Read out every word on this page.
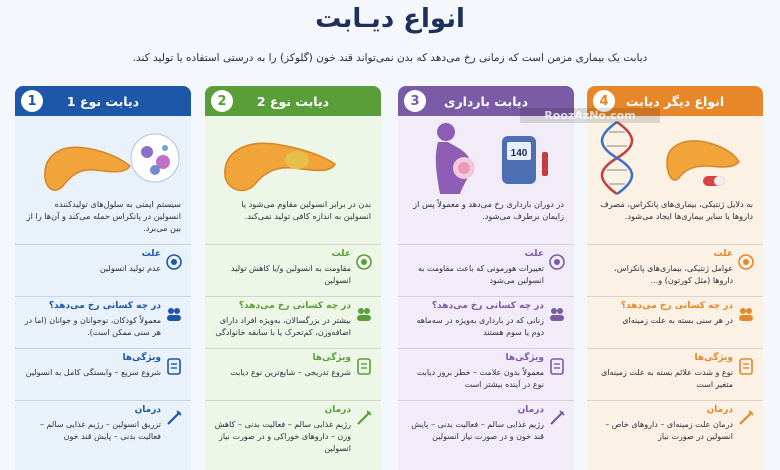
انواع دیـابت
دیابت یک بیماری مزمن است که زمانی رخ می‌دهد که بدن نمی‌تواند قند خون (گلوکز) را به درستی استفاده یا تولید کند.
دیابت نوع 1
1
سیستم ایمنی به سلول‌های تولیدکننده انسولین در پانکراس حمله می‌کند و آن‌ها را از بین می‌برد.
علت
عدم تولید انسولین
در چه کسانی رخ می‌دهد؟
معمولاً کودکان، نوجوانان و جوانان (اما در هر سنی ممکن است).
ویژگی‌ها
شروع سریع – وابستگی کامل به انسولین
درمان
تزریق انسولین – رژیم غذایی سالم – فعالیت بدنی – پایش قند خون
دیابت نوع 2
2
بدن در برابر انسولین مقاوم می‌شود یا انسولین به اندازه کافی تولید نمی‌کند.
علت
مقاومت به انسولین و/یا کاهش تولید انسولین
در چه کسانی رخ می‌دهد؟
بیشتر در بزرگسالان، به‌ویژه افراد دارای اضافه‌وزن، کم‌تحرک یا با سابقه خانوادگی
ویژگی‌ها
شروع تدریجی – شایع‌ترین نوع دیابت
درمان
رژیم غذایی سالم – فعالیت بدنی – کاهش وزن – داروهای خوراکی و در صورت نیاز انسولین
دیابت بارداری
3
140
در دوران بارداری رخ می‌دهد و معمولاً پس از زایمان برطرف می‌شود.
علت
تغییرات هورمونی که باعث مقاومت به انسولین می‌شود
در چه کسانی رخ می‌دهد؟
زنانی که در بارداری به‌ویژه در سه‌ماهه دوم یا سوم هستند
ویژگی‌ها
معمولاً بدون علامت – خطر بروز دیابت نوع در آینده بیشتر است
درمان
رژیم غذایی سالم – فعالیت بدنی – پایش قند خون و در صورت نیاز انسولین
انواع دیگر دیابت
4
به دلایل ژنتیکی، بیماری‌های پانکراس، مصرف داروها یا سایر بیماری‌ها ایجاد می‌شود.
علت
عوامل ژنتیکی، بیماری‌های پانکراس، داروها (مثل کورتون) و...
در چه کسانی رخ می‌دهد؟
در هر سنی بسته به علت زمینه‌ای
ویژگی‌ها
نوع و شدت علائم بسته به علت زمینه‌ای متغیر است
درمان
درمان علت زمینه‌ای – داروهای خاص – انسولین در صورت نیاز
RoozAzNo.com
